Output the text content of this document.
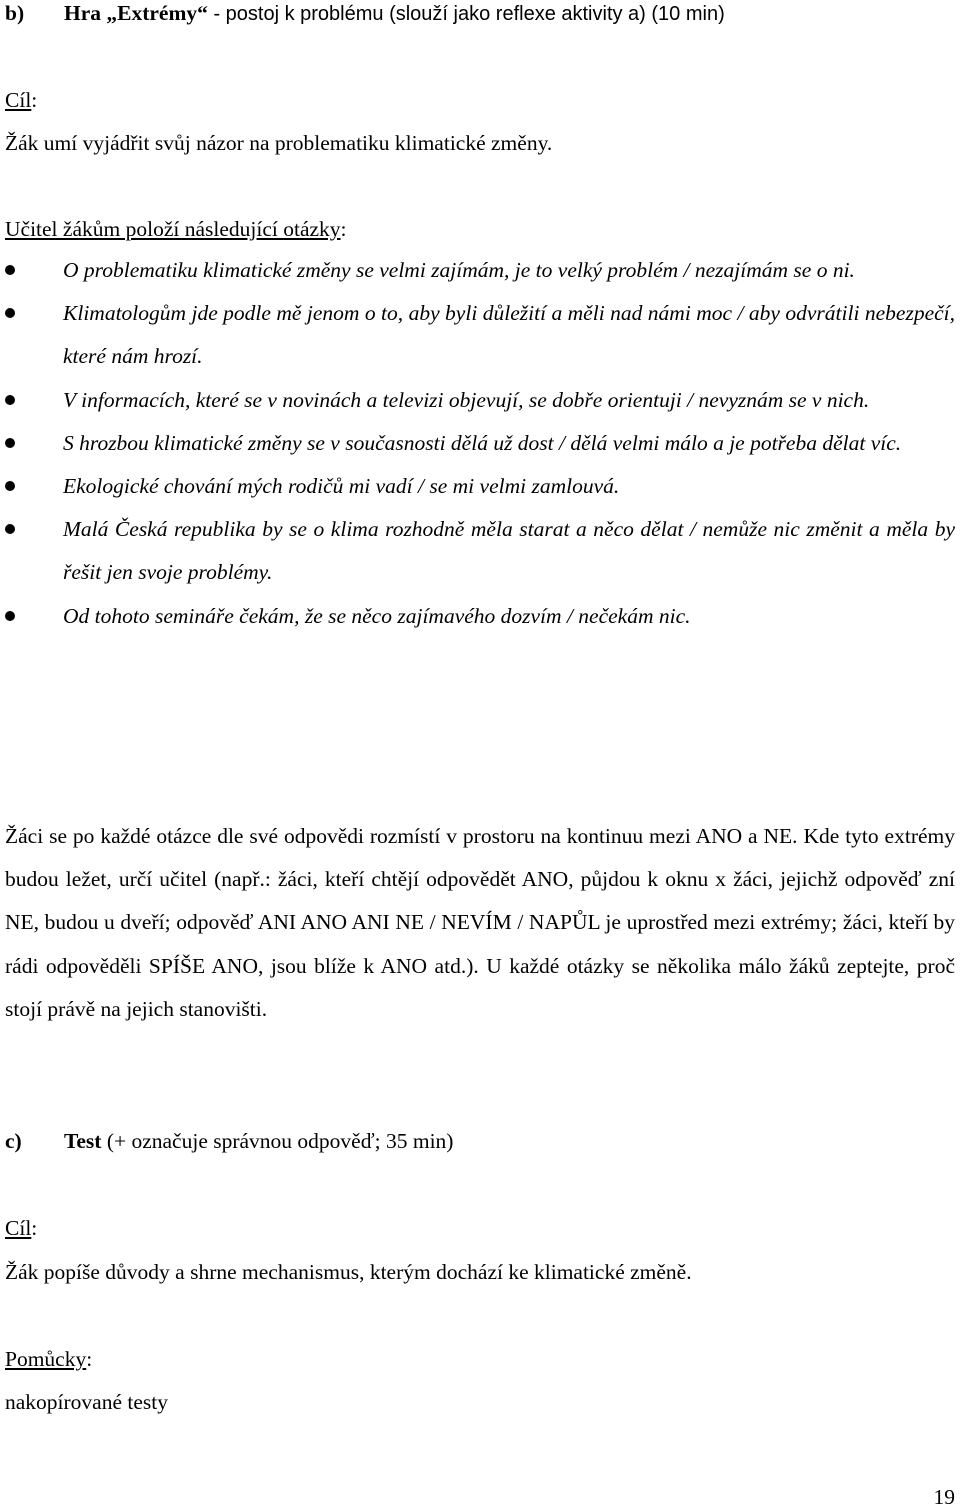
b) Hra „Extrémy“ - postoj k problému (slouží jako reflexe aktivity a) (10 min)
Cíl:
Žák umí vyjádřit svůj názor na problematiku klimatické změny.
Učitel žákům položí následující otázky:
O problematiku klimatické změny se velmi zajímám, je to velký problém / nezajímám se o ni.
Klimatologům jde podle mě jenom o to, aby byli důležití a měli nad námi moc / aby odvrátili nebezpečí, které nám hrozí.
V informacích, které se v novinách a televizi objevují, se dobře orientuji / nevyznám se v nich.
S hrozbou klimatické změny se v současnosti dělá už dost / dělá velmi málo a je potřeba dělat víc.
Ekologické chování mých rodičů mi vadí / se mi velmi zamlouvá.
Malá Česká republika by se o klima rozhodně měla starat a něco dělat / nemůže nic změnit a měla by řešit jen svoje problémy.
Od tohoto semináře čekám, že se něco zajímavého dozvím / nečekám nic.

Žáci se po každé otázce dle své odpovědi rozmístí v prostoru na kontinuu mezi ANO a NE. Kde tyto extrémy budou ležet, určí učitel (např.: žáci, kteří chtějí odpovědět ANO, půjdou k oknu x žáci, jejichž odpověď zní NE, budou u dveří; odpověď ANI ANO ANI NE / NEVÍM / NAPŮL je uprostřed mezi extrémy; žáci, kteří by rádi odpověděli SPÍŠE ANO, jsou blíže k ANO atd.). U každé otázky se několika málo žáků zeptejte, proč stojí právě na jejich stanovišti.

c) Test (+ označuje správnou odpověď; 35 min)
Cíl:
Žák popíše důvody a shrne mechanismus, kterým dochází ke klimatické změně.
Pomůcky:
nakopírované testy
19
